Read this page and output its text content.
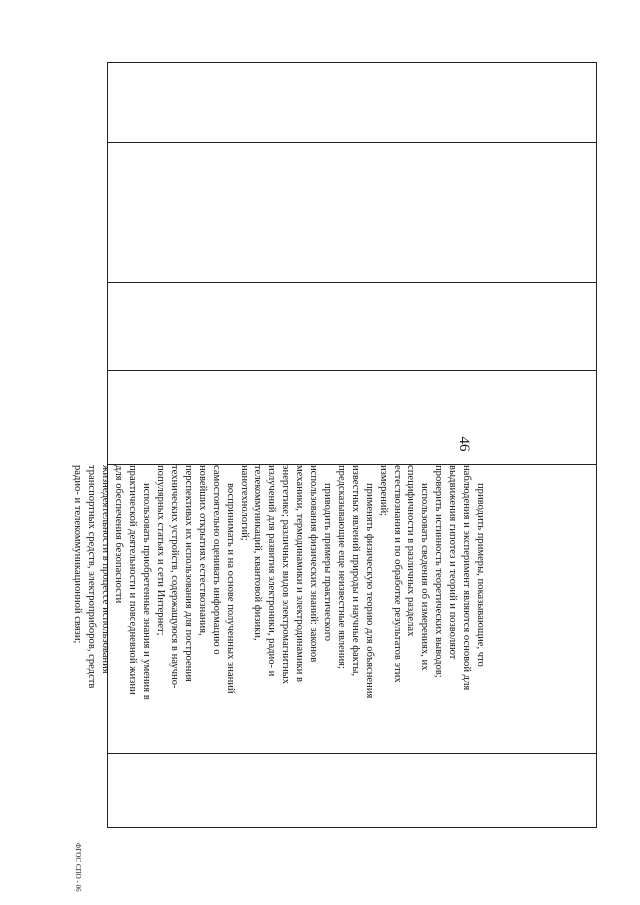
46
ФГОС СПО - 06
приводить примеры, показывающие, что
наблюдения и эксперимент являются основой для
выдвижения гипотез и теорий и позволяют
проверить истинность теоретических выводов;
использовать сведения об измерениях, их
специфичности в различных разделах
естествознания и по обработке результатов этих
измерений;
применять физическую теорию для объяснения
известных явлений природы и научные факты,
предсказывающие еще неизвестные явления;
приводить примеры практического
использования физических знаний: законов
механики, термодинамики и электродинамики в
энергетике; различных видов электромагнитных
излучений для развития электроники, радио- и
телекоммуникаций, квантовой физики,
нанотехнологий;
воспринимать и на основе полученных знаний
самостоятельно оценивать информацию о
новейших открытиях естествознания,
перспективах их использования для построения
технических устройств, содержащуюся в научно-
популярных статьях и сети Интернет;
использовать приобретенные знания и умения в
практической деятельности и повседневной жизни
для обеспечения безопасности
жизнедеятельности в процессе использования
транспортных средств, электроприборов, средств
радио- и телекоммуникационной связи;
